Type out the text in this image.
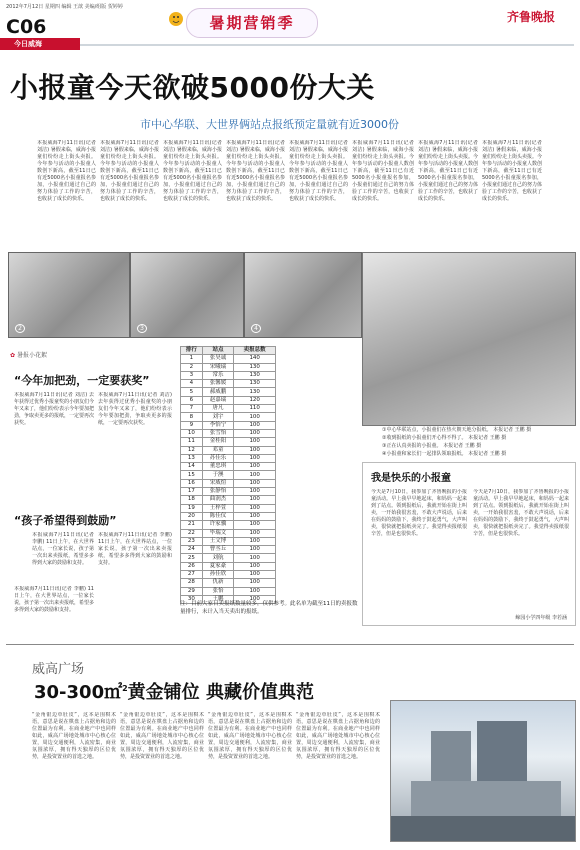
2012年7月12日 星期四 编辑 王歆 美编/组版 贺婷婷
C06
今日威海
暑期营销季	齐鲁晚报
小报童今天欲破5000份大关
市中心华联、大世界俩站点报纸预定量就有近3000份
本报威海7月11日讯(记者 刘洁) 暑假来临，威海小报童们纷纷走上街头卖报。今年参与活动的小报童人数创下新高，截至11日已有近5000名小报童报名参加，小报童们通过自己的努力体验了工作的辛苦，也收获了成长的快乐。
本报威海7月11日讯(记者 刘洁) 暑假来临，威海小报童们纷纷走上街头卖报。今年参与活动的小报童人数创下新高，截至11日已有近5000名小报童报名参加，小报童们通过自己的努力体验了工作的辛苦，也收获了成长的快乐。
本报威海7月11日讯(记者 刘洁) 暑假来临，威海小报童们纷纷走上街头卖报。今年参与活动的小报童人数创下新高，截至11日已有近5000名小报童报名参加，小报童们通过自己的努力体验了工作的辛苦，也收获了成长的快乐。
本报威海7月11日讯(记者 刘洁) 暑假来临，威海小报童们纷纷走上街头卖报。今年参与活动的小报童人数创下新高，截至11日已有近5000名小报童报名参加，小报童们通过自己的努力体验了工作的辛苦，也收获了成长的快乐。
本报威海7月11日讯(记者 刘洁) 暑假来临，威海小报童们纷纷走上街头卖报。今年参与活动的小报童人数创下新高，截至11日已有近5000名小报童报名参加，小报童们通过自己的努力体验了工作的辛苦，也收获了成长的快乐。
本报威海7月11日讯(记者 刘洁) 暑假来临，威海小报童们纷纷走上街头卖报。今年参与活动的小报童人数创下新高，截至11日已有近5000名小报童报名参加，小报童们通过自己的努力体验了工作的辛苦，也收获了成长的快乐。
本报威海7月11日讯(记者 刘洁) 暑假来临，威海小报童们纷纷走上街头卖报。今年参与活动的小报童人数创下新高，截至11日已有近5000名小报童报名参加，小报童们通过自己的努力体验了工作的辛苦，也收获了成长的快乐。
本报威海7月11日讯(记者 刘洁) 暑假来临，威海小报童们纷纷走上街头卖报。今年参与活动的小报童人数创下新高，截至11日已有近5000名小报童报名参加，小报童们通过自己的努力体验了工作的辛苦，也收获了成长的快乐。
2	3	4
①中心华联站点，小报童们在热火朝天地分报纸。 本报记者 王鹏 摄
②收到报纸的小报童们开心得不得了。 本报记者 王鹏 摄
③正在认真卖报的小报童。 本报记者 王鹏 摄
④小报童和家长们一起排队领取报纸。 本报记者 王鹏 摄
✿ 暑报小花絮
“今年加把劲，一定要获奖”
本报威海7月11日讯(记者 刘洁) 去年获得过优秀小报童奖的小朋友们今年又来了，他们纷纷表示今年要加把劲，争取卖更多的报纸，一定要再次获奖。
本报威海7月11日讯(记者 刘洁) 去年获得过优秀小报童奖的小朋友们今年又来了，他们纷纷表示今年要加把劲，争取卖更多的报纸，一定要再次获奖。
“孩子希望得到鼓励”
本报威海7月11日讯(记者 李鹏) 11日上午，在大世界站点，一位家长说，孩子第一次出来卖报纸，希望多多得到大家的鼓励和支持。
本报威海7月11日讯(记者 李鹏) 11日上午，在大世界站点，一位家长说，孩子第一次出来卖报纸，希望多多得到大家的鼓励和支持。
本报威海7月11日讯(记者 李鹏) 11日上午，在大世界站点，一位家长说，孩子第一次出来卖报纸，希望多多得到大家的鼓励和支持。
排行	站点	卖报总数
1	张昊诚	140
2	宋曦瑞	130
3	常乐	130
4	张馨媛	130
5	郝威鹏	130
6	赵嘉瑞	120
7	唐凡	110
8	刘宇	100
9	李怡宁	100
10	张雪怡	100
11	金桂阳	100
12	邓童	100
13	苏佳乐	100
14	董忠琪	100
15	于澳	100
16	宋威煊	100
17	张静怡	100
18	曲润杰	100
19	王梓萱	100
20	陈佳仪	100
21	许家骥	100
22	毕瑞文	100
23	王文博	100
24	曹丞丘	100
25	刘航	100
26	夏家豪	100
27	孙佳欣	100
28	仇新	100
29	张怡	100
30	王鹏	100
注：目前大家日卖报纸数量较多，仅供参考。此名单为截至11日的卖报数量排行，未计入当天卖出的报纸。
我是快乐的小报童
今天是7月10日，我参加了齐鲁晚报的小报童活动。早上我早早地起床，和妈妈一起来到了站点。领到报纸后，我就开始在街上叫卖，一开始我很害羞，不敢大声说话，后来在妈妈的鼓励下，我终于鼓起勇气，大声叫卖，很快就把报纸卖完了。我觉得卖报纸很辛苦，但是也很快乐。
今天是7月10日，我参加了齐鲁晚报的小报童活动。早上我早早地起床，和妈妈一起来到了站点。领到报纸后，我就开始在街上叫卖，一开始我很害羞，不敢大声说话，后来在妈妈的鼓励下，我终于鼓起勇气，大声叫卖，很快就把报纸卖完了。我觉得卖报纸很辛苦，但是也很快乐。
鲸园小学四年级 李若涵
威高广场
30-300㎡$^2$黄金铺位 典藏价值典范
“金角银边草肚皮”，这本是围棋术语，意思是说在棋盘上占据角和边的位置最为有利。在商业地产中也同样如此，威高广场地处城市中心核心位置，周边交通便利，人流密集，商业氛围浓厚，拥有得天独厚的区位优势，是投资置业的首选之地。
“金角银边草肚皮”，这本是围棋术语，意思是说在棋盘上占据角和边的位置最为有利。在商业地产中也同样如此，威高广场地处城市中心核心位置，周边交通便利，人流密集，商业氛围浓厚，拥有得天独厚的区位优势，是投资置业的首选之地。
“金角银边草肚皮”，这本是围棋术语，意思是说在棋盘上占据角和边的位置最为有利。在商业地产中也同样如此，威高广场地处城市中心核心位置，周边交通便利，人流密集，商业氛围浓厚，拥有得天独厚的区位优势，是投资置业的首选之地。
“金角银边草肚皮”，这本是围棋术语，意思是说在棋盘上占据角和边的位置最为有利。在商业地产中也同样如此，威高广场地处城市中心核心位置，周边交通便利，人流密集，商业氛围浓厚，拥有得天独厚的区位优势，是投资置业的首选之地。
